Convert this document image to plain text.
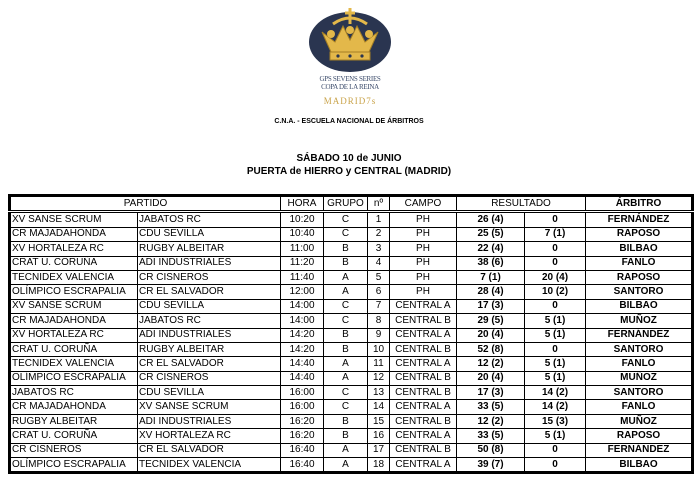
GPS SEVENS SERIES
COPA DE LA REINA
MADRID7s
C.N.A. - ESCUELA NACIONAL DE ÁRBITROS
SÁBADO 10 de JUNIO
PUERTA de HIERRO y CENTRAL (MADRID)
PARTIDO		HORA	GRUPO	nº	CAMPO	RESULTADO		ÁRBITRO
XV SANSE SCRUM	JABATOS RC	10:20	C	1	PH	26 (4)	0	FERNÁNDEZ
CR MAJADAHONDA	CDU SEVILLA	10:40	C	2	PH	25 (5)	7 (1)	RAPOSO
XV HORTALEZA RC	RUGBY ALBEITAR	11:00	B	3	PH	22 (4)	0	BILBAO
CRAT U. CORUÑA	ADI INDUSTRIALES	11:20	B	4	PH	38 (6)	0	FANLO
TECNIDEX VALENCIA	CR CISNEROS	11:40	A	5	PH	7 (1)	20 (4)	RAPOSO
OLÍMPICO ESCRAPALIA	CR EL SALVADOR	12:00	A	6	PH	28 (4)	10 (2)	SANTORO
XV SANSE SCRUM	CDU SEVILLA	14:00	C	7	CENTRAL A	17 (3)	0	BILBAO
CR MAJADAHONDA	JABATOS RC	14:00	C	8	CENTRAL B	29 (5)	5 (1)	MUÑOZ
XV HORTALEZA RC	ADI INDUSTRIALES	14:20	B	9	CENTRAL A	20 (4)	5 (1)	FERNÁNDEZ
CRAT U. CORUÑA	RUGBY ALBEITAR	14:20	B	10	CENTRAL B	52 (8)	0	SANTORO
TECNIDEX VALENCIA	CR EL SALVADOR	14:40	A	11	CENTRAL A	12 (2)	5 (1)	FANLO
OLÍMPICO ESCRAPALIA	CR CISNEROS	14:40	A	12	CENTRAL B	20 (4)	5 (1)	MUÑOZ
JABATOS RC	CDU SEVILLA	16:00	C	13	CENTRAL B	17 (3)	14 (2)	SANTORO
CR MAJADAHONDA	XV SANSE SCRUM	16:00	C	14	CENTRAL A	33 (5)	14 (2)	FANLO
RUGBY ALBEITAR	ADI INDUSTRIALES	16:20	B	15	CENTRAL B	12 (2)	15 (3)	MUÑOZ
CRAT U. CORUÑA	XV HORTALEZA RC	16:20	B	16	CENTRAL A	33 (5)	5 (1)	RAPOSO
CR CISNEROS	CR EL SALVADOR	16:40	A	17	CENTRAL B	50 (8)	0	FERNÁNDEZ
OLÍMPICO ESCRAPALIA	TECNIDEX VALENCIA	16:40	A	18	CENTRAL A	39 (7)	0	BILBAO
